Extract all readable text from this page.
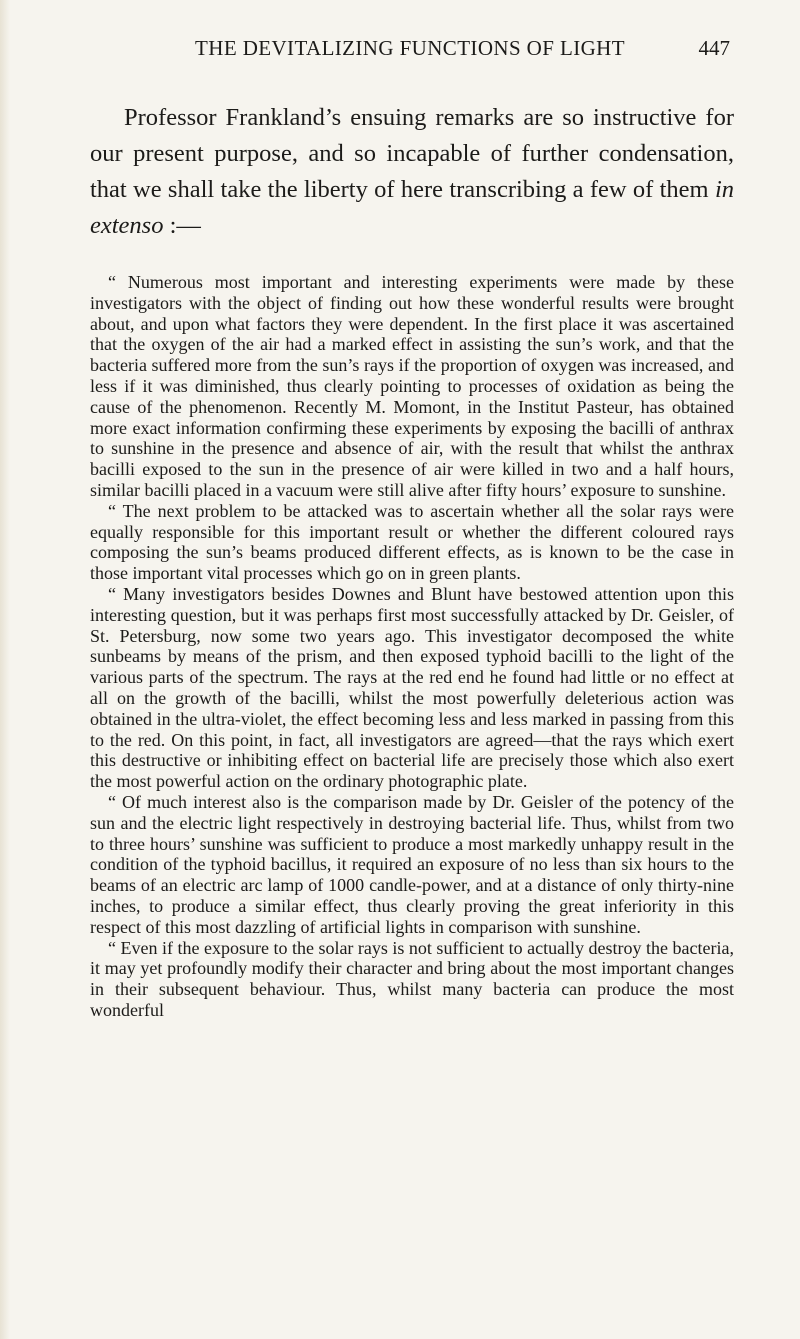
THE DEVITALIZING FUNCTIONS OF LIGHT	447

Professor Frankland’s ensuing remarks are so instructive for our present purpose, and so incapable of further condensation, that we shall take the liberty of here transcribing a few of them in extenso :—

“ Numerous most important and interesting experiments were made by these investigators with the object of finding out how these wonderful results were brought about, and upon what factors they were dependent. In the first place it was ascertained that the oxygen of the air had a marked effect in assisting the sun’s work, and that the bacteria suffered more from the sun’s rays if the proportion of oxygen was increased, and less if it was diminished, thus clearly pointing to processes of oxidation as being the cause of the phenomenon. Recently M. Momont, in the Institut Pasteur, has obtained more exact information confirming these experiments by exposing the bacilli of anthrax to sunshine in the presence and absence of air, with the result that whilst the anthrax bacilli exposed to the sun in the presence of air were killed in two and a half hours, similar bacilli placed in a vacuum were still alive after fifty hours’ exposure to sunshine.

“ The next problem to be attacked was to ascertain whether all the solar rays were equally responsible for this important result or whether the different coloured rays composing the sun’s beams produced different effects, as is known to be the case in those important vital processes which go on in green plants.

“ Many investigators besides Downes and Blunt have bestowed attention upon this interesting question, but it was perhaps first most successfully attacked by Dr. Geisler, of St. Petersburg, now some two years ago. This investigator decomposed the white sunbeams by means of the prism, and then exposed typhoid bacilli to the light of the various parts of the spectrum. The rays at the red end he found had little or no effect at all on the growth of the bacilli, whilst the most powerfully deleterious action was obtained in the ultra-violet, the effect becoming less and less marked in passing from this to the red. On this point, in fact, all investigators are agreed—that the rays which exert this destructive or inhibiting effect on bacterial life are precisely those which also exert the most powerful action on the ordinary photographic plate.

“ Of much interest also is the comparison made by Dr. Geisler of the potency of the sun and the electric light respectively in destroying bacterial life. Thus, whilst from two to three hours’ sunshine was sufficient to produce a most markedly unhappy result in the condition of the typhoid bacillus, it required an exposure of no less than six hours to the beams of an electric arc lamp of 1000 candle-power, and at a distance of only thirty-nine inches, to produce a similar effect, thus clearly proving the great inferiority in this respect of this most dazzling of artificial lights in comparison with sunshine.

“ Even if the exposure to the solar rays is not sufficient to actually destroy the bacteria, it may yet profoundly modify their character and bring about the most important changes in their subsequent behaviour. Thus, whilst many bacteria can produce the most wonderful
